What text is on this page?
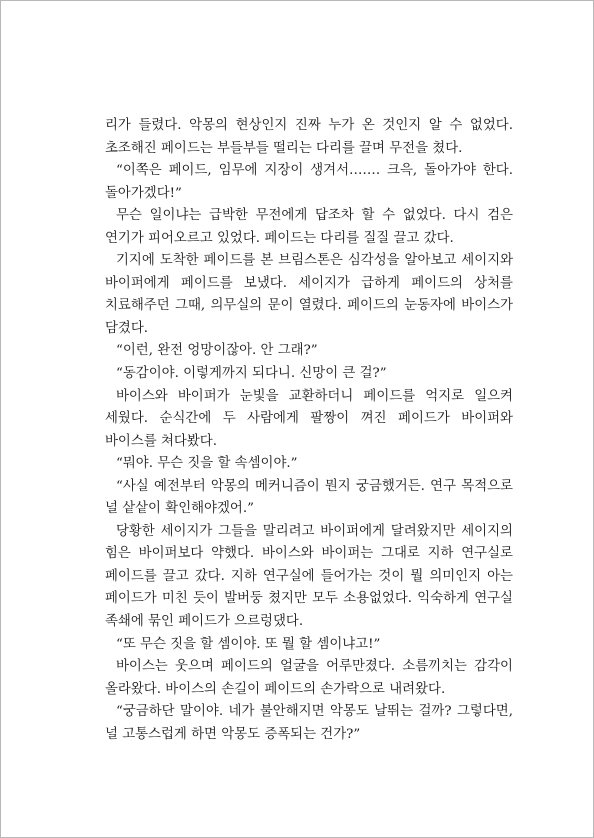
리가 들렸다. 악몽의 현상인지 진짜 누가 온 것인지 알 수 없었다. 초조해진 페이드는 부들부들 떨리는 다리를 끌며 무전을 쳤다.

“이쪽은 페이드, 임무에 지장이 생겨서……. 크윽, 돌아가야 한다. 돌아가겠다!”

무슨 일이냐는 급박한 무전에게 답조차 할 수 없었다. 다시 검은 연기가 피어오르고 있었다. 페이드는 다리를 질질 끌고 갔다.

기지에 도착한 페이드를 본 브림스톤은 심각성을 알아보고 세이지와 바이퍼에게 페이드를 보냈다. 세이지가 급하게 페이드의 상처를 치료해주던 그때, 의무실의 문이 열렸다. 페이드의 눈동자에 바이스가 담겼다.

“이런, 완전 엉망이잖아. 안 그래?”

“동감이야. 이렇게까지 되다니. 신망이 큰 걸?”

바이스와 바이퍼가 눈빛을 교환하더니 페이드를 억지로 일으켜 세웠다. 순식간에 두 사람에게 팔짱이 껴진 페이드가 바이퍼와 바이스를 쳐다봤다.

“뭐야. 무슨 짓을 할 속셈이야.”

“사실 예전부터 악몽의 메커니즘이 뭔지 궁금했거든. 연구 목적으로 널 샅샅이 확인해야겠어.”

당황한 세이지가 그들을 말리려고 바이퍼에게 달려왔지만 세이지의 힘은 바이퍼보다 약했다. 바이스와 바이퍼는 그대로 지하 연구실로 페이드를 끌고 갔다. 지하 연구실에 들어가는 것이 뭘 의미인지 아는 페이드가 미친 듯이 발버둥 쳤지만 모두 소용없었다. 익숙하게 연구실 족쇄에 묶인 페이드가 으르렁댔다.

“또 무슨 짓을 할 셈이야. 또 뭘 할 셈이냐고!”

바이스는 웃으며 페이드의 얼굴을 어루만졌다. 소름끼치는 감각이 올라왔다. 바이스의 손길이 페이드의 손가락으로 내려왔다.

“궁금하단 말이야. 네가 불안해지면 악몽도 날뛰는 걸까? 그렇다면, 널 고통스럽게 하면 악몽도 증폭되는 건가?”
